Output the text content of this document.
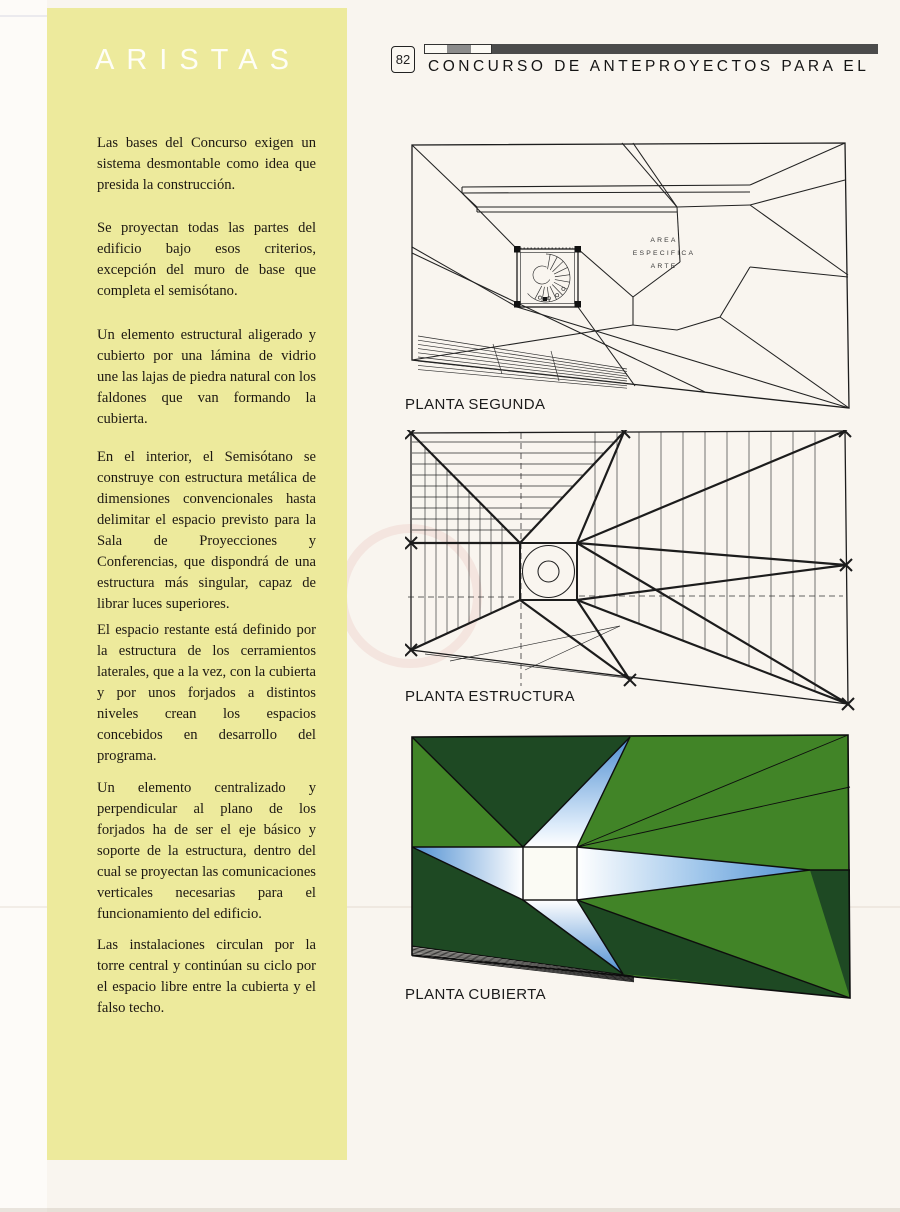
ARISTAS
Las bases del Concurso exigen un sistema desmontable como idea que presida la construcción.
Se proyectan todas las partes del edificio bajo esos criterios, excepción del muro de base que completa el semisótano.
Un elemento estructural aligerado y cubierto por una lámina de vidrio une las lajas de piedra natural con los faldones que van formando la cubierta.
En el interior, el Semisótano se construye con estructura metálica de dimensiones convencionales hasta delimitar el espacio previsto para la Sala de Proyecciones y Conferencias, que dispondrá de una estructura más singular, capaz de librar luces superiores.
El espacio restante está definido por la estructura de los cerramientos laterales, que a la vez, con la cubierta y por unos forjados a distintos niveles crean los espacios concebidos en desarrollo del programa.
Un elemento centralizado y perpendicular al plano de los forjados ha de ser el eje básico y soporte de la estructura, dentro del cual se proyectan las comunicaciones verticales necesarias para el funcionamiento del edificio.
Las instalaciones circulan por la torre central y continúan su ciclo por el espacio libre entre la cubierta y el falso techo.
82 CONCURSO DE ANTEPROYECTOS PARA EL
AREA
ESPECIFICA
ARTE
PLANTA SEGUNDA
PLANTA ESTRUCTURA
PLANTA CUBIERTA
